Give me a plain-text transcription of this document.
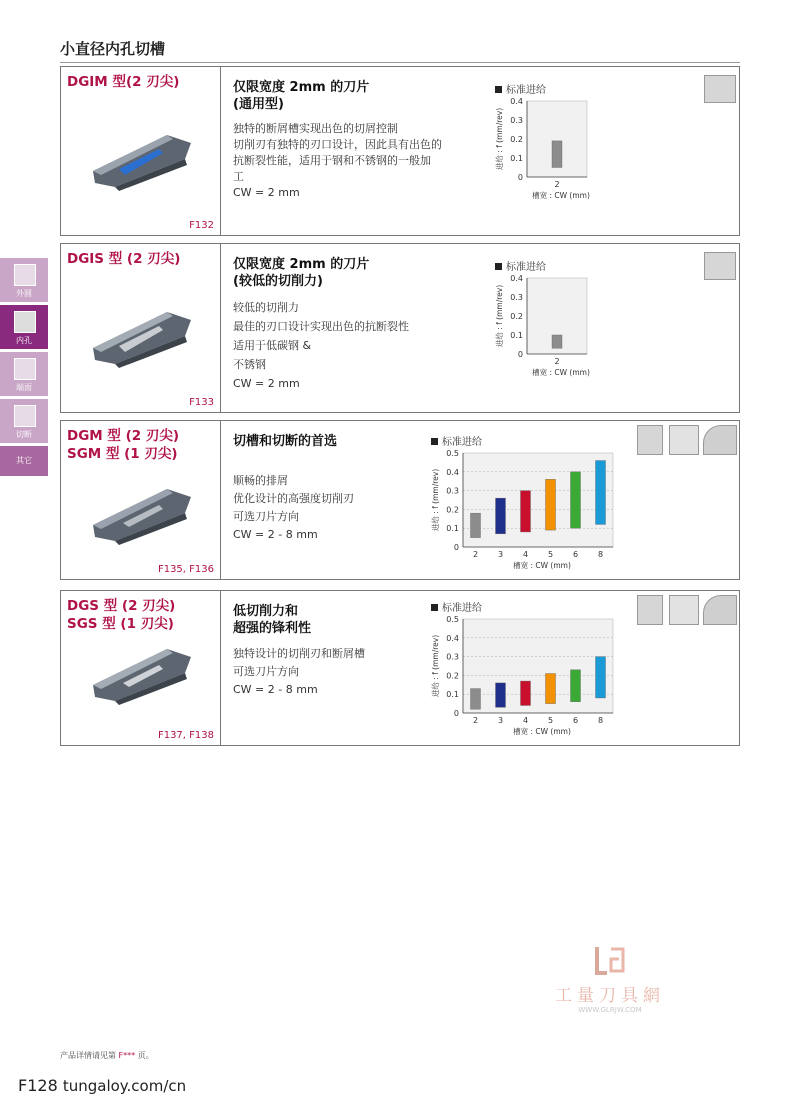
小直径内孔切槽
外圆
内孔
端面
切断
其它
DGIM 型(2 刃尖)
F132
仅限宽度 2mm 的刀片
(通用型)

独特的断屑槽实现出色的切屑控制

切削刃有独特的刃口设计，因此具有出色的

抗断裂性能，适用于钢和不锈钢的一般加

工

CW = 2 mm

标准进给
0
0.1
0.2
0.3
0.4
2
槽宽 : CW (mm)
进给 : f (mm/rev)
DGIS 型 (2 刃尖)
F133
仅限宽度 2mm 的刀片
(较低的切削力)

较低的切削力

最佳的刃口设计实现出色的抗断裂性

适用于低碳钢 &

不锈钢

CW = 2 mm

标准进给
0
0.1
0.2
0.3
0.4
2
槽宽 : CW (mm)
进给 : f (mm/rev)
DGM 型 (2 刃尖)
SGM 型 (1 刃尖)
F135, F136
切槽和切断的首选

顺畅的排屑

优化设计的高强度切削刃

可选刀片方向

CW = 2 - 8 mm

标准进给
0
0.1
0.2
0.3
0.4
0.5
2 3 4 5 6 8
槽宽 : CW (mm)
进给 : f (mm/rev)
DGS 型 (2 刃尖)
SGS 型 (1 刃尖)
F137, F138
低切削力和
超强的锋利性

独特设计的切削刃和断屑槽

可选刀片方向

CW = 2 - 8 mm

标准进给
0
0.1
0.2
0.3
0.4
0.5
2 3 4 5 6 8
槽宽 : CW (mm)
进给 : f (mm/rev)
工量刀具網
WWW.GLRJW.COM
产品详情请见第 F*** 页。
F128 tungaloy.com/cn
